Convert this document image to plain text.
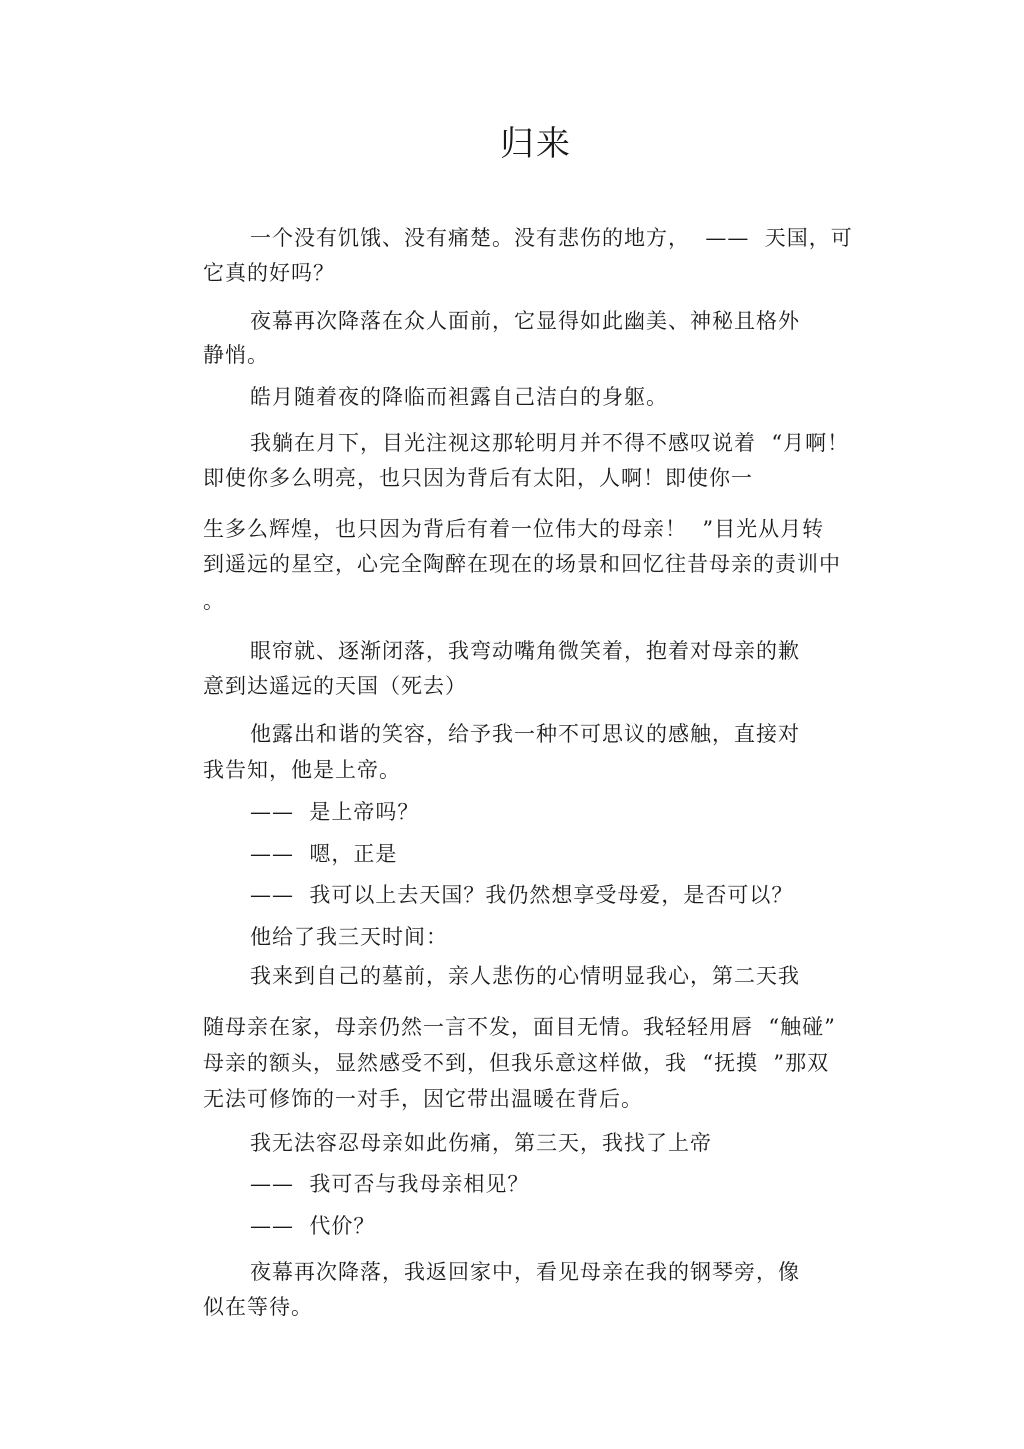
归来
一个没有饥饿、没有痛楚。没有悲伤的地方，  ——  天国，可
它真的好吗？
夜幕再次降落在众人面前，它显得如此幽美、神秘且格外
静悄。
皓月随着夜的降临而袒露自己洁白的身躯。
我躺在月下，目光注视这那轮明月并不得不感叹说着  “月啊！
即使你多么明亮，也只因为背后有太阳，人啊！即使你一
生多么辉煌，也只因为背后有着一位伟大的母亲！  ”目光从月转
到遥远的星空，心完全陶醉在现在的场景和回忆往昔母亲的责训中
。
眼帘就、逐渐闭落，我弯动嘴角微笑着，抱着对母亲的歉
意到达遥远的天国（死去）
他露出和谐的笑容，给予我一种不可思议的感触，直接对
我告知，他是上帝。
——  是上帝吗？
——  嗯，正是
——  我可以上去天国？我仍然想享受母爱，是否可以？
他给了我三天时间：
我来到自己的墓前，亲人悲伤的心情明显我心，第二天我
随母亲在家，母亲仍然一言不发，面目无情。我轻轻用唇  “触碰”
母亲的额头，显然感受不到，但我乐意这样做，我  “抚摸  ”那双
无法可修饰的一对手，因它带出温暖在背后。
我无法容忍母亲如此伤痛，第三天，我找了上帝
——  我可否与我母亲相见？
——  代价？
夜幕再次降落，我返回家中，看见母亲在我的钢琴旁，像
似在等待。
